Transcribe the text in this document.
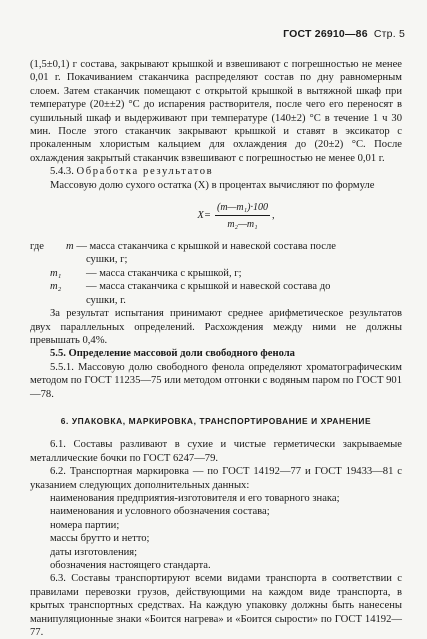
ГОСТ 26910—86 Стр. 5

(1,5±0,1) г состава, закрывают крышкой и взвешивают с погрешностью не менее 0,01 г. Покачиванием стаканчика распределяют состав по дну равномерным слоем. Затем стаканчик помещают с открытой крышкой в вытяжной шкаф при температуре (20±±2) °С до испарения растворителя, после чего его переносят в сушильный шкаф и выдерживают при температуре (140±2) °С в течение 1 ч 30 мин. После этого стаканчик закрывают крышкой и ставят в эксикатор с прокаленным хлористым кальцием для охлаждения до (20±2) °С. После охлаждения закрытый стаканчик взвешивают с погрешностью не менее 0,01 г.

5.4.3. Обработка результатов

Массовую долю сухого остатка (X) в процентах вычисляют по формуле

$X= \frac{\text{(m—m₁)·100}}{\text{m₂—m₁}}$ ,
где	m — масса стаканчика с крышкой и навеской состава после

сушки, г;

m₁	— масса стаканчика с крышкой, г;
m₂	— масса стаканчика с крышкой и навеской состава до

сушки, г.

За результат испытания принимают среднее арифметическое результатов двух параллельных определений. Расхождения между ними не должны превышать 0,4%.

5.5. Определение массовой доли свободного фенола

5.5.1. Массовую долю свободного фенола определяют хроматографическим методом по ГОСТ 11235—75 или методом отгонки с водяным паром по ГОСТ 901—78.

6. УПАКОВКА, МАРКИРОВКА, ТРАНСПОРТИРОВАНИЕ И ХРАНЕНИЕ

6.1. Составы разливают в сухие и чистые герметически закрываемые металлические бочки по ГОСТ 6247—79.

6.2. Транспортная маркировка — по ГОСТ 14192—77 и ГОСТ 19433—81 с указанием следующих дополнительных данных:

наименования предприятия-изготовителя и его товарного знака;

наименования и условного обозначения состава;

номера партии;

массы брутто и нетто;

даты изготовления;

обозначения настоящего стандарта.

6.3. Составы транспортируют всеми видами транспорта в соответствии с правилами перевозки грузов, действующими на каждом виде транспорта, в крытых транспортных средствах. На каждую упаковку должны быть нанесены манипуляционные знаки «Боится нагрева» и «Боится сырости» по ГОСТ 14192—77.
